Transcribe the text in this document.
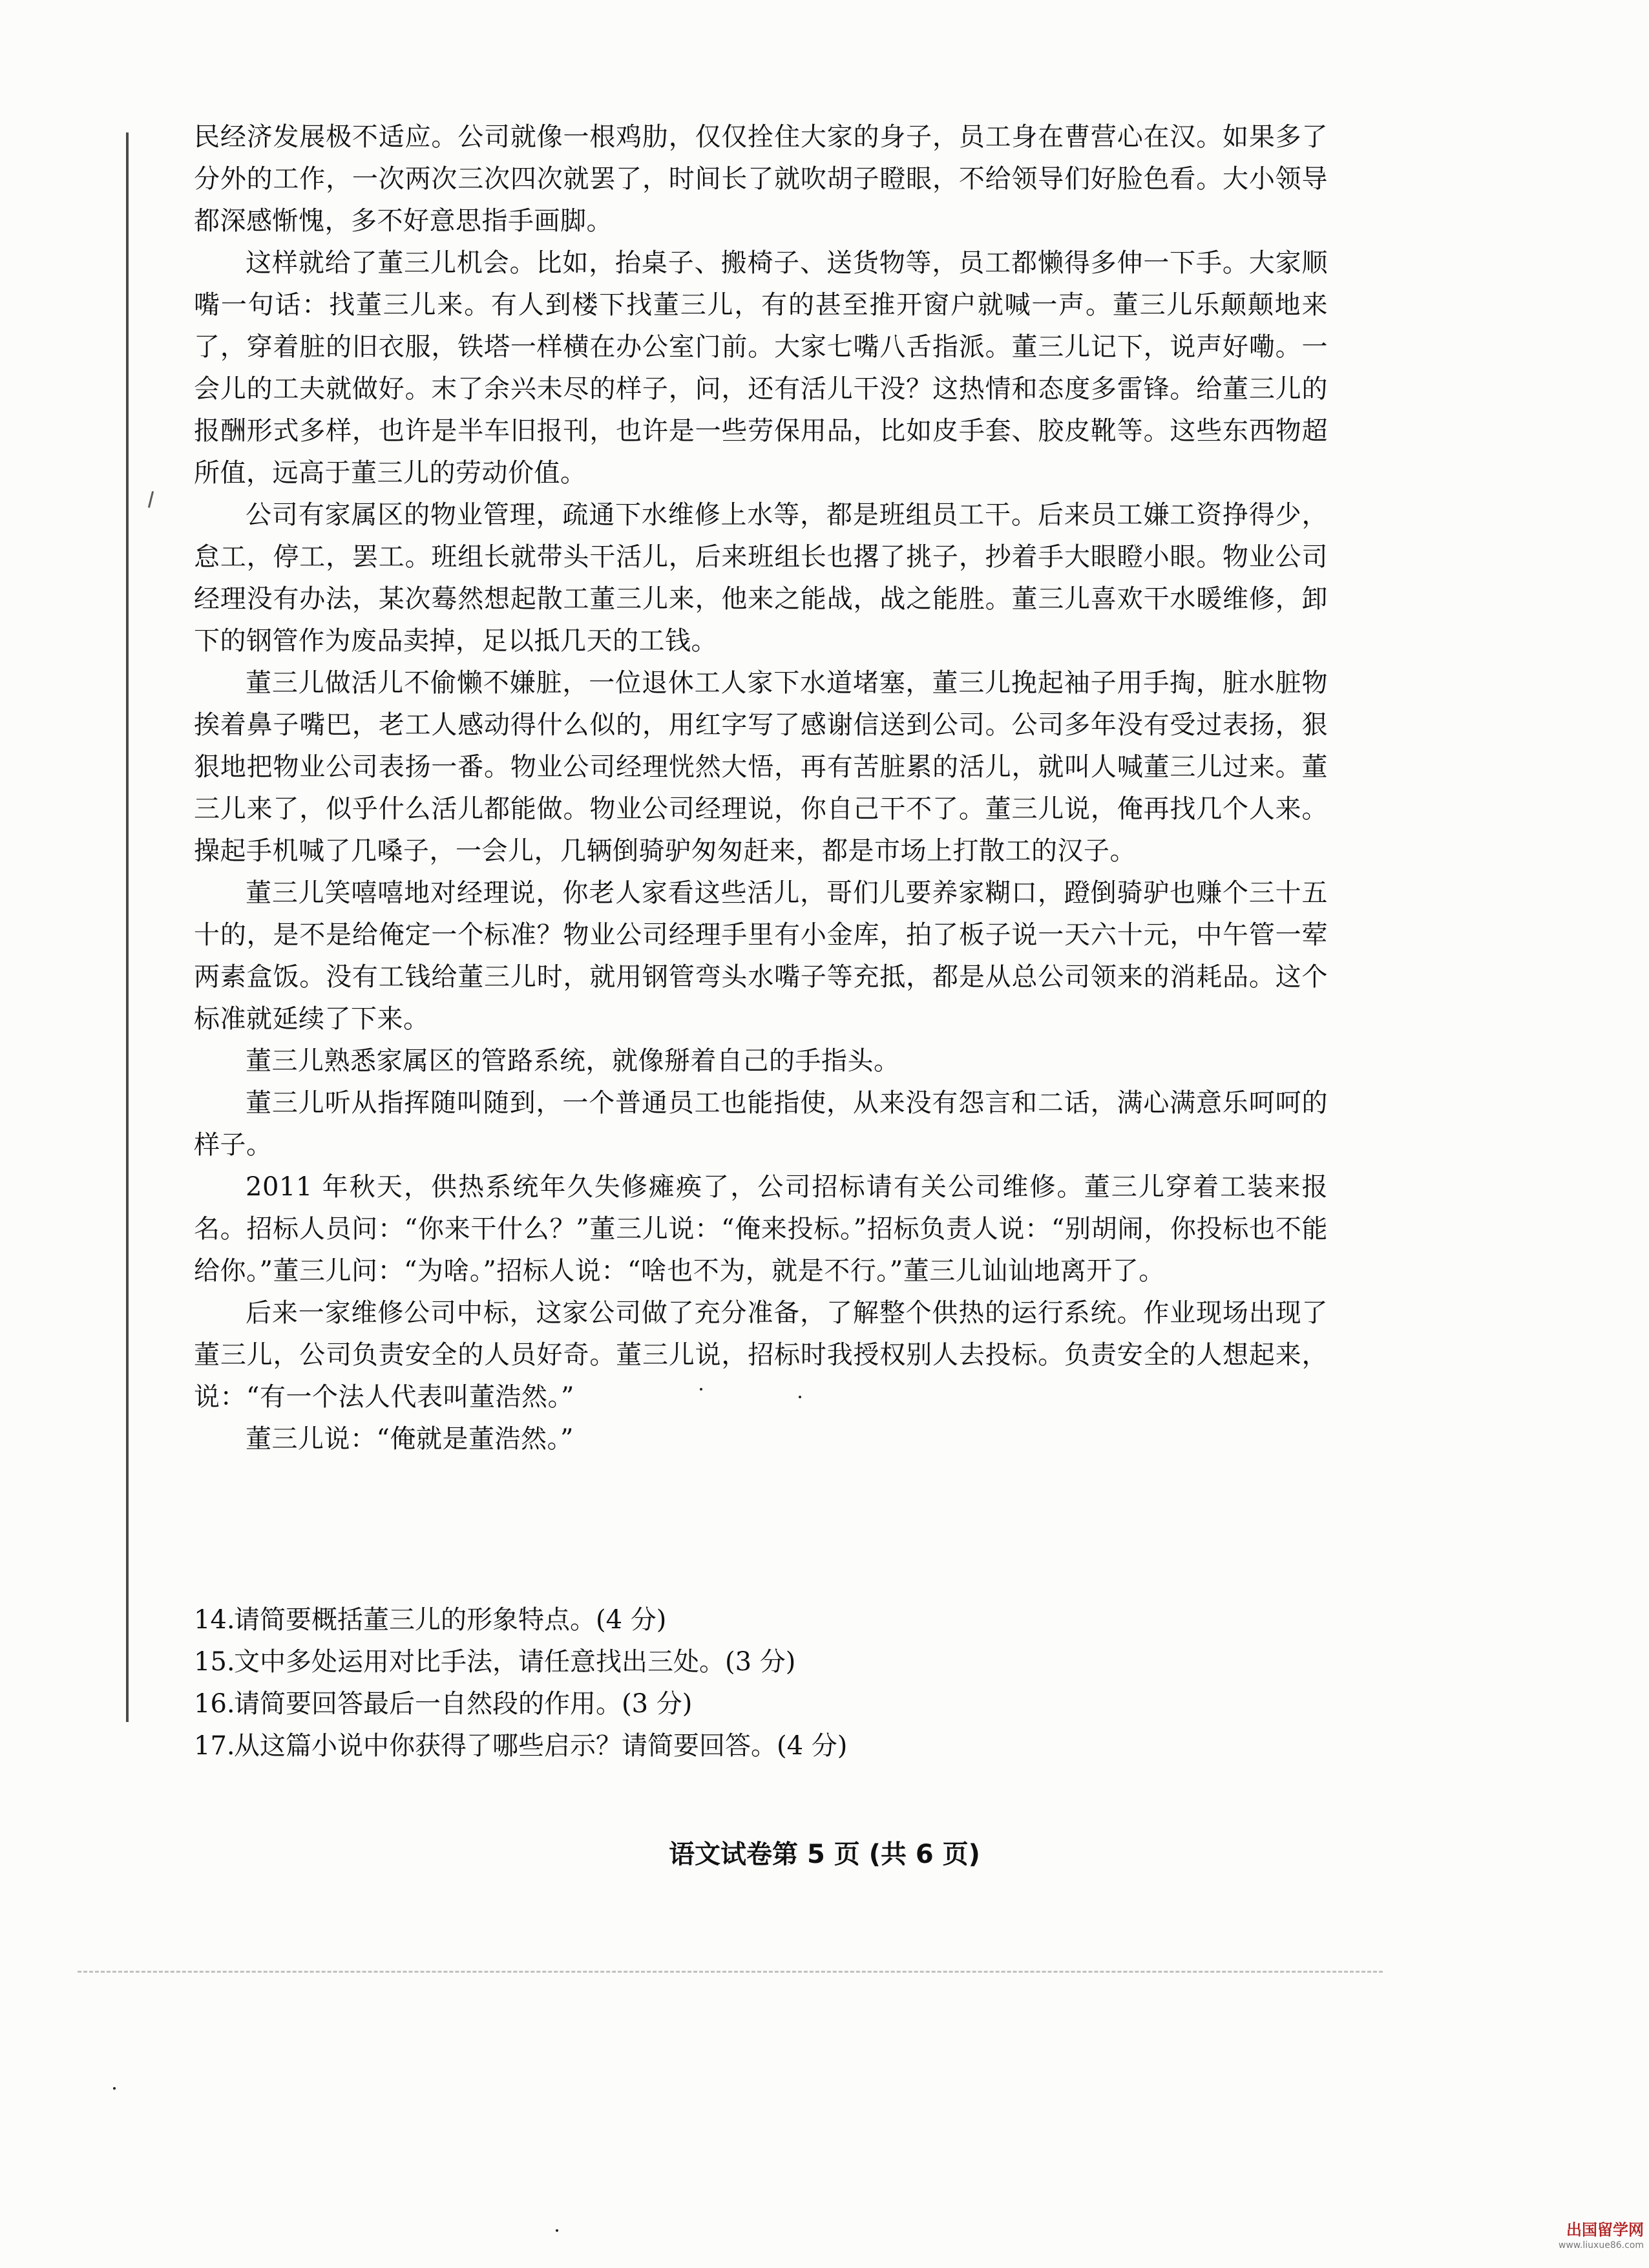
民经济发展极不适应。公司就像一根鸡肋，仅仅拴住大家的身子，员工身在曹营心在汉。如果多了分外的工作，一次两次三次四次就罢了，时间长了就吹胡子瞪眼，不给领导们好脸色看。大小领导都深感惭愧，多不好意思指手画脚。

这样就给了董三儿机会。比如，抬桌子、搬椅子、送货物等，员工都懒得多伸一下手。大家顺嘴一句话：找董三儿来。有人到楼下找董三儿，有的甚至推开窗户就喊一声。董三儿乐颠颠地来了，穿着脏的旧衣服，铁塔一样横在办公室门前。大家七嘴八舌指派。董三儿记下，说声好嘞。一会儿的工夫就做好。末了余兴未尽的样子，问，还有活儿干没？这热情和态度多雷锋。给董三儿的报酬形式多样，也许是半车旧报刊，也许是一些劳保用品，比如皮手套、胶皮靴等。这些东西物超所值，远高于董三儿的劳动价值。

公司有家属区的物业管理，疏通下水维修上水等，都是班组员工干。后来员工嫌工资挣得少，怠工，停工，罢工。班组长就带头干活儿，后来班组长也撂了挑子，抄着手大眼瞪小眼。物业公司经理没有办法，某次蓦然想起散工董三儿来，他来之能战，战之能胜。董三儿喜欢干水暖维修，卸下的钢管作为废品卖掉，足以抵几天的工钱。

董三儿做活儿不偷懒不嫌脏，一位退休工人家下水道堵塞，董三儿挽起袖子用手掏，脏水脏物挨着鼻子嘴巴，老工人感动得什么似的，用红字写了感谢信送到公司。公司多年没有受过表扬，狠狠地把物业公司表扬一番。物业公司经理恍然大悟，再有苦脏累的活儿，就叫人喊董三儿过来。董三儿来了，似乎什么活儿都能做。物业公司经理说，你自己干不了。董三儿说，俺再找几个人来。操起手机喊了几嗓子，一会儿，几辆倒骑驴匆匆赶来，都是市场上打散工的汉子。

董三儿笑嘻嘻地对经理说，你老人家看这些活儿，哥们儿要养家糊口，蹬倒骑驴也赚个三十五十的，是不是给俺定一个标准？物业公司经理手里有小金库，拍了板子说一天六十元，中午管一荤两素盒饭。没有工钱给董三儿时，就用钢管弯头水嘴子等充抵，都是从总公司领来的消耗品。这个标准就延续了下来。

董三儿熟悉家属区的管路系统，就像掰着自己的手指头。

董三儿听从指挥随叫随到，一个普通员工也能指使，从来没有怨言和二话，满心满意乐呵呵的样子。

2011 年秋天，供热系统年久失修瘫痪了，公司招标请有关公司维修。董三儿穿着工装来报名。招标人员问：“你来干什么？”董三儿说：“俺来投标。”招标负责人说：“别胡闹，你投标也不能给你。”董三儿问：“为啥。”招标人说：“啥也不为，就是不行。”董三儿讪讪地离开了。

后来一家维修公司中标，这家公司做了充分准备，了解整个供热的运行系统。作业现场出现了董三儿，公司负责安全的人员好奇。董三儿说，招标时我授权别人去投标。负责安全的人想起来，说：“有一个法人代表叫董浩然。”

董三儿说：“俺就是董浩然。”

14.
请简要概括董三儿的形象特点。(4 分)
15.
文中多处运用对比手法，请任意找出三处。(3 分)
16.
请简要回答最后一自然段的作用。(3 分)
17.
从这篇小说中你获得了哪些启示？请简要回答。(4 分)
语文试卷第 5 页 (共 6 页)
出国留学网
www.liuxue86.com
